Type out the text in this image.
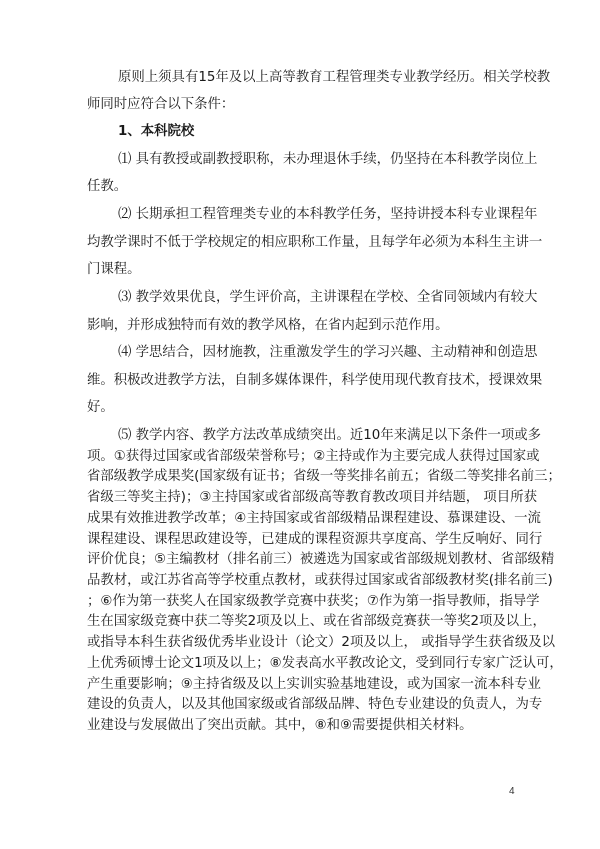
原则上须具有15年及以上高等教育工程管理类专业教学经历。相关学校教
师同时应符合以下条件：
1、本科院校
⑴ 具有教授或副教授职称，未办理退休手续，仍坚持在本科教学岗位上
任教。
⑵ 长期承担工程管理类专业的本科教学任务，坚持讲授本科专业课程年
均教学课时不低于学校规定的相应职称工作量，且每学年必须为本科生主讲一
门课程。
⑶ 教学效果优良，学生评价高，主讲课程在学校、全省同领域内有较大
影响，并形成独特而有效的教学风格，在省内起到示范作用。
⑷ 学思结合，因材施教，注重激发学生的学习兴趣、主动精神和创造思
维。积极改进教学方法，自制多媒体课件，科学使用现代教育技术，授课效果
好。
⑸ 教学内容、教学方法改革成绩突出。近10年来满足以下条件一项或多
项。①获得过国家或省部级荣誉称号；②主持或作为主要完成人获得过国家或
省部级教学成果奖(国家级有证书；省级一等奖排名前五；省级二等奖排名前三；
省级三等奖主持)；③主持国家或省部级高等教育教改项目并结题， 项目所获
成果有效推进教学改革；④主持国家或省部级精品课程建设、慕课建设、一流
课程建设、课程思政建设等，已建成的课程资源共享度高、学生反响好、同行
评价优良；⑤主编教材（排名前三）被遴选为国家或省部级规划教材、省部级精
品教材，或江苏省高等学校重点教材，或获得过国家或省部级教材奖(排名前三)
；⑥作为第一获奖人在国家级教学竞赛中获奖；⑦作为第一指导教师，指导学
生在国家级竞赛中获二等奖2项及以上、或在省部级竞赛获一等奖2项及以上，
或指导本科生获省级优秀毕业设计（论文）2项及以上， 或指导学生获省级及以
上优秀硕博士论文1项及以上；⑧发表高水平教改论文，受到同行专家广泛认可，
产生重要影响；⑨主持省级及以上实训实验基地建设，或为国家一流本科专业
建设的负责人，以及其他国家级或省部级品牌、特色专业建设的负责人，为专
业建设与发展做出了突出贡献。其中，⑧和⑨需要提供相关材料。
4
